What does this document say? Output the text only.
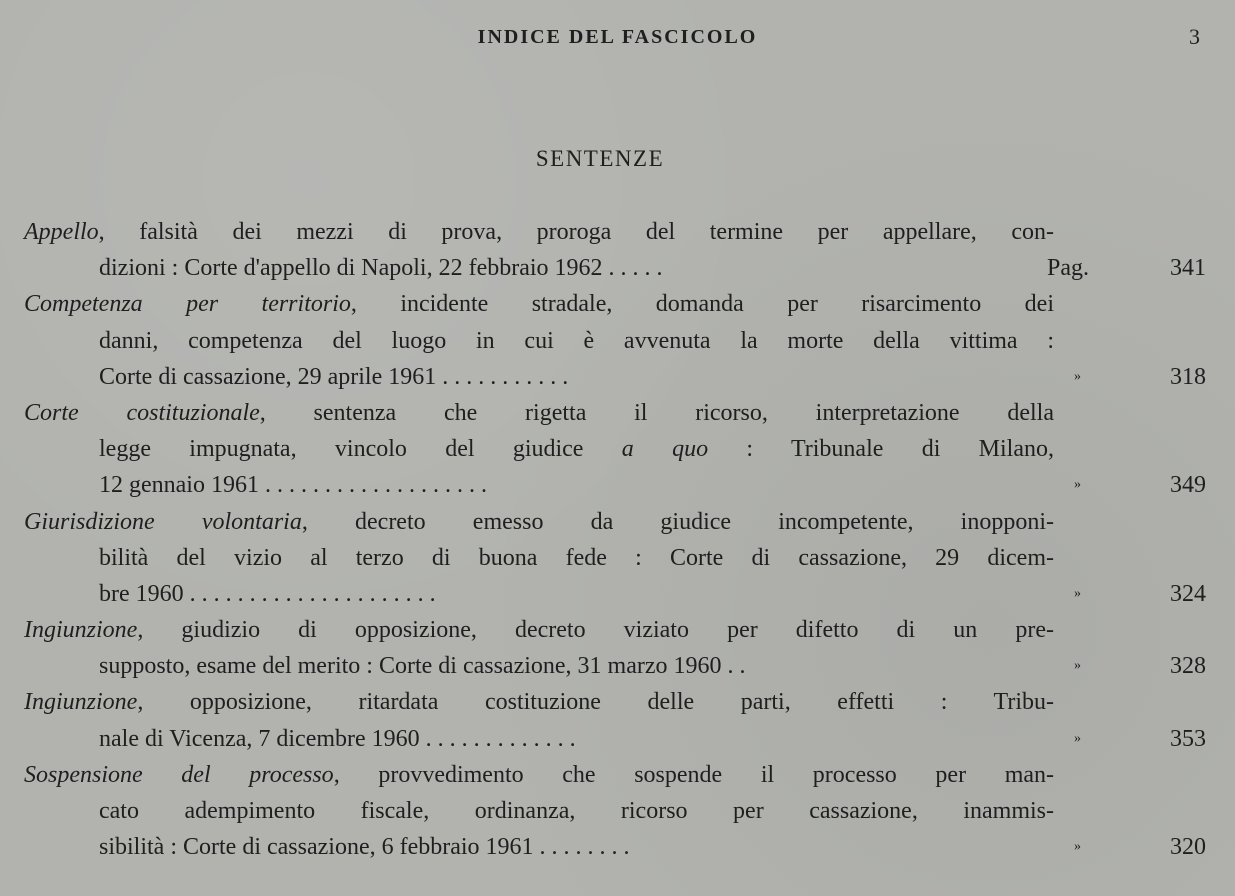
INDICE DEL FASCICOLO	3
SENTENZE
Appello, falsità dei mezzi di prova, proroga del termine per appellare, con-
dizioni : Corte d'appello di Napoli, 22 febbraio 1962 . . . . .	Pag.	341
Competenza per territorio, incidente stradale, domanda per risarcimento dei
danni, competenza del luogo in cui è avvenuta la morte della vittima :
Corte di cassazione, 29 aprile 1961 . . . . . . . . . . .	»	318
Corte costituzionale, sentenza che rigetta il ricorso, interpretazione della
legge impugnata, vincolo del giudice a quo : Tribunale di Milano,
12 gennaio 1961 . . . . . . . . . . . . . . . . . . .	»	349
Giurisdizione volontaria, decreto emesso da giudice incompetente, inopponi-
bilità del vizio al terzo di buona fede : Corte di cassazione, 29 dicem-
bre 1960 . . . . . . . . . . . . . . . . . . . . .	»	324
Ingiunzione, giudizio di opposizione, decreto viziato per difetto di un pre-
supposto, esame del merito : Corte di cassazione, 31 marzo 1960 . .	»	328
Ingiunzione, opposizione, ritardata costituzione delle parti, effetti : Tribu-
nale di Vicenza, 7 dicembre 1960 . . . . . . . . . . . . .	»	353
Sospensione del processo, provvedimento che sospende il processo per man-
cato adempimento fiscale, ordinanza, ricorso per cassazione, inammis-
sibilità : Corte di cassazione, 6 febbraio 1961 . . . . . . . .	»	320
